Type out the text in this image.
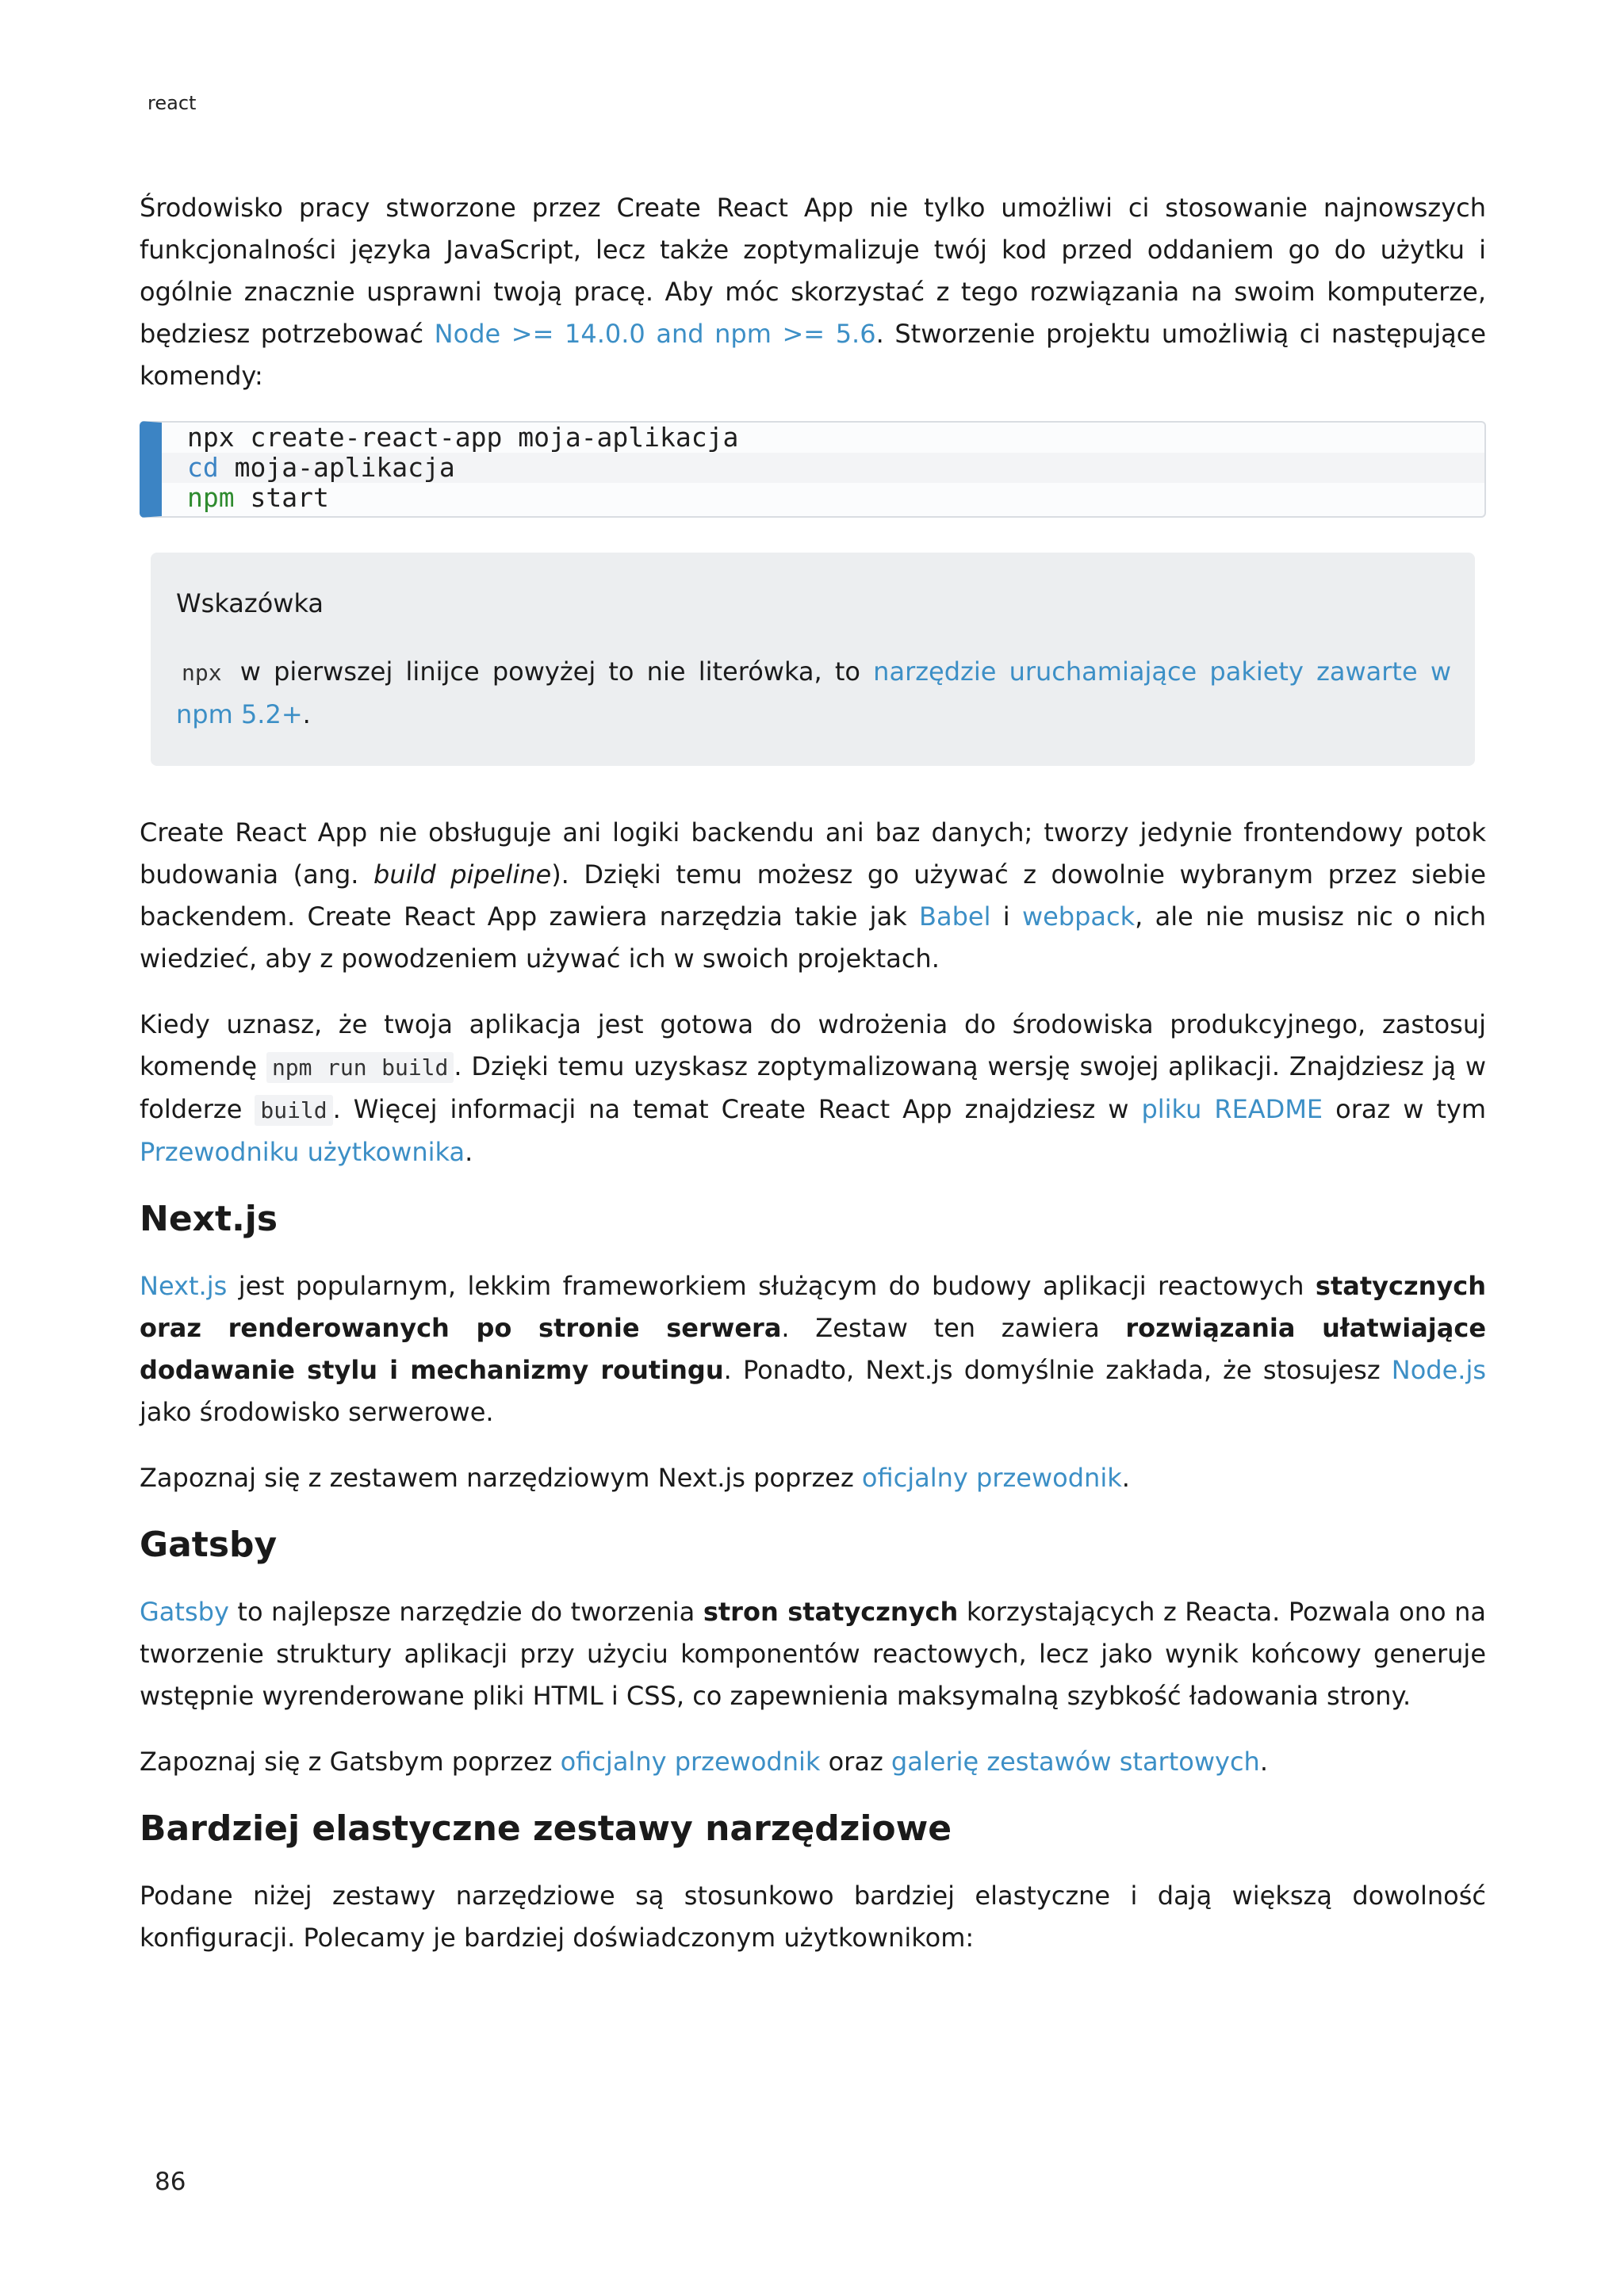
react

Środowisko pracy stworzone przez Create React App nie tylko umożliwi ci stosowanie najnowszych funkcjonalności języka JavaScript, lecz także zoptymalizuje twój kod przed oddaniem go do użytku i ogólnie znacznie usprawni twoją pracę. Aby móc skorzystać z tego rozwiązania na swoim komputerze, będziesz potrzebować Node >= 14.0.0 and npm >= 5.6. Stworzenie projektu umożliwią ci następujące komendy:

npx create-react-app moja-aplikacja
cd moja-aplikacja
npm start
Wskazówka

npx w pierwszej linijce powyżej to nie literówka, to narzędzie uruchamiające pakiety zawarte w npm 5.2+.

Create React App nie obsługuje ani logiki backendu ani baz danych; tworzy jedynie frontendowy potok budowania (ang. build pipeline). Dzięki temu możesz go używać z dowolnie wybranym przez siebie backendem. Create React App zawiera narzędzia takie jak Babel i webpack, ale nie musisz nic o nich wiedzieć, aby z powodzeniem używać ich w swoich projektach.

Kiedy uznasz, że twoja aplikacja jest gotowa do wdrożenia do środowiska produkcyjnego, zastosuj komendę npm run build . Dzięki temu uzyskasz zoptymalizowaną wersję swojej aplikacji. Znajdziesz ją w folderze build . Więcej informacji na temat Create React App znajdziesz w pliku README oraz w tym Przewodniku użytkownika.

Next.js

Next.js jest popularnym, lekkim frameworkiem służącym do budowy aplikacji reactowych statycznych oraz renderowanych po stronie serwera. Zestaw ten zawiera rozwiązania ułatwiające dodawanie stylu i mechanizmy routingu. Ponadto, Next.js domyślnie zakłada, że stosujesz Node.js jako środowisko serwerowe.

Zapoznaj się z zestawem narzędziowym Next.js poprzez oficjalny przewodnik.

Gatsby

Gatsby to najlepsze narzędzie do tworzenia stron statycznych korzystających z Reacta. Pozwala ono na tworzenie struktury aplikacji przy użyciu komponentów reactowych, lecz jako wynik końcowy generuje wstępnie wyrenderowane pliki HTML i CSS, co zapewnienia maksymalną szybkość ładowania strony.

Zapoznaj się z Gatsbym poprzez oficjalny przewodnik oraz galerię zestawów startowych.

Bardziej elastyczne zestawy narzędziowe

Podane niżej zestawy narzędziowe są stosunkowo bardziej elastyczne i dają większą dowolność konfiguracji. Polecamy je bardziej doświadczonym użytkownikom:

86
